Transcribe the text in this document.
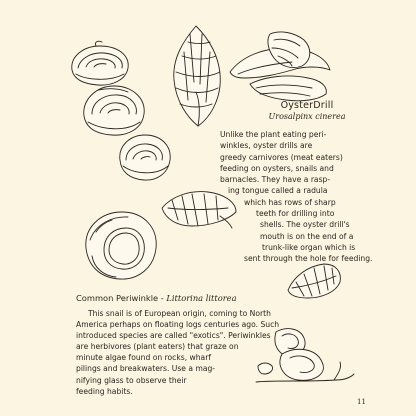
OysterDrill
Urosalpinx cinerea
Unlike the plant eating peri-
winkles, oyster drills are
greedy carnivores (meat eaters)
feeding on oysters, snails and
barnacles. They have a rasp-
ing tongue called a radula
which has rows of sharp
teeth for drilling into
shells. The oyster drill's
mouth is on the end of a
trunk-like organ which is
sent through the hole for feeding.
Common Periwinkle - Littorina littorea
This snail is of European origin, coming to North
America perhaps on floating logs centuries ago. Such
introduced species are called "exotics". Periwinkles
are herbivores (plant eaters) that graze on
minute algae found on rocks, wharf
pilings and breakwaters. Use a mag-
nifying glass to observe their
feeding habits.
11
